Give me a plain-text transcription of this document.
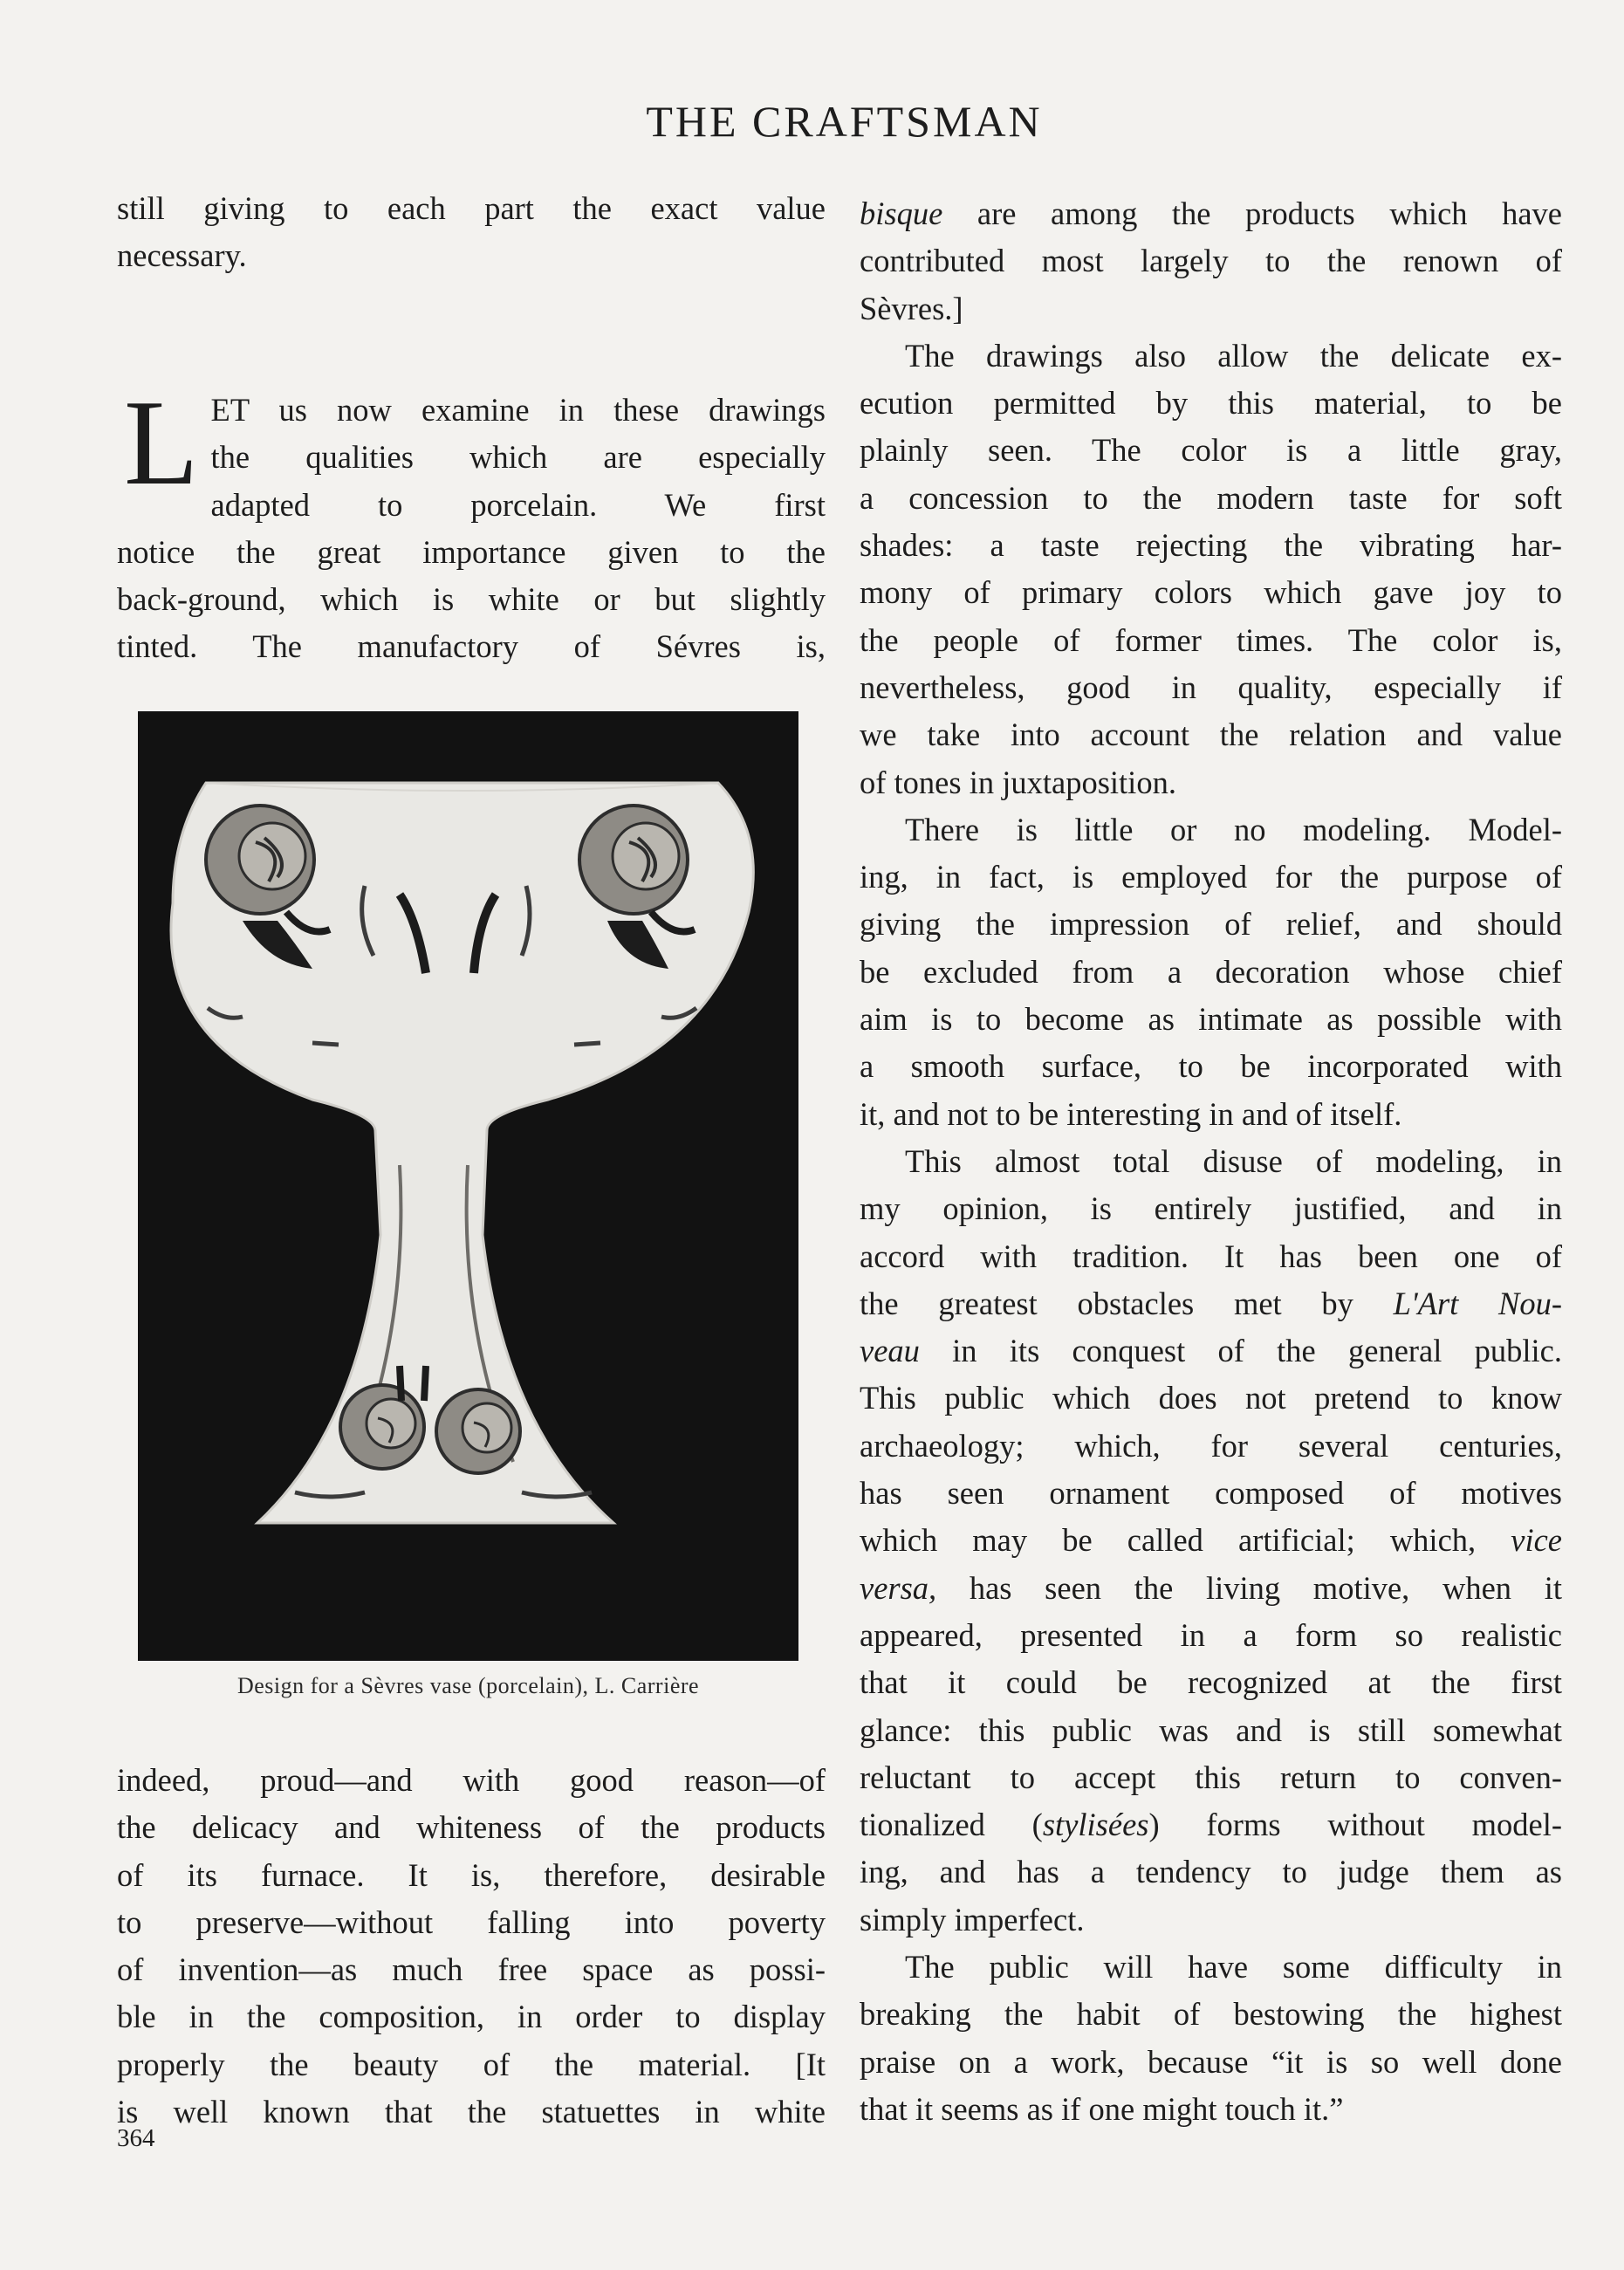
THE CRAFTSMAN

still giving to each part the exact value

necessary.

L ET us now examine in these drawings

the qualities which are especially

adapted to porcelain. We first

notice the great importance given to the

back-ground, which is white or but slightly

tinted. The manufactory of Sévres is,

Design for a Sèvres vase (porcelain), L. Carrière

indeed, proud—and with good reason—of

the delicacy and whiteness of the products

of its furnace. It is, therefore, desirable

to preserve—without falling into poverty

of invention—as much free space as possi-

ble in the composition, in order to display

properly the beauty of the material. [It

is well known that the statuettes in white

bisque are among the products which have

contributed most largely to the renown of

Sèvres.]

The drawings also allow the delicate ex-

ecution permitted by this material, to be

plainly seen. The color is a little gray,

a concession to the modern taste for soft

shades: a taste rejecting the vibrating har-

mony of primary colors which gave joy to

the people of former times. The color is,

nevertheless, good in quality, especially if

we take into account the relation and value

of tones in juxtaposition.

There is little or no modeling. Model-

ing, in fact, is employed for the purpose of

giving the impression of relief, and should

be excluded from a decoration whose chief

aim is to become as intimate as possible with

a smooth surface, to be incorporated with

it, and not to be interesting in and of itself.

This almost total disuse of modeling, in

my opinion, is entirely justified, and in

accord with tradition. It has been one of

the greatest obstacles met by L'Art Nou-

veau in its conquest of the general public.

This public which does not pretend to know

archaeology; which, for several centuries,

has seen ornament composed of motives

which may be called artificial; which, vice

versa, has seen the living motive, when it

appeared, presented in a form so realistic

that it could be recognized at the first

glance: this public was and is still somewhat

reluctant to accept this return to conven-

tionalized (stylisées) forms without model-

ing, and has a tendency to judge them as

simply imperfect.

The public will have some difficulty in

breaking the habit of bestowing the highest

praise on a work, because “it is so well done

that it seems as if one might touch it.”

364
